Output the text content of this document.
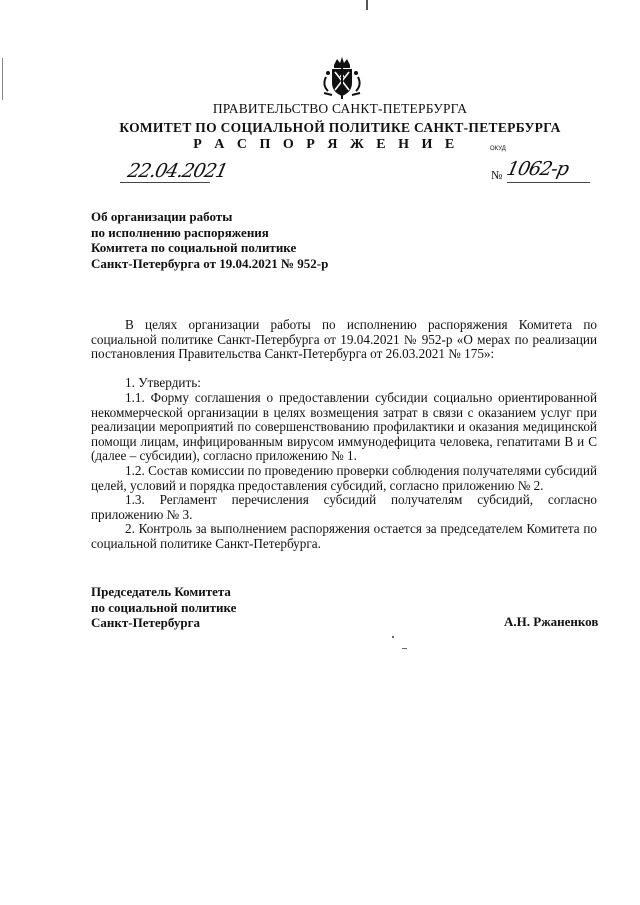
ПРАВИТЕЛЬСТВО САНКТ-ПЕТЕРБУРГА
КОМИТЕТ ПО СОЦИАЛЬНОЙ ПОЛИТИКЕ САНКТ-ПЕТЕРБУРГА
Р А С П О Р Я Ж Е Н И Е	ОКУД
22.04.2021	№ 1062-р
Об организации работы
по исполнению распоряжения
Комитета по социальной политике
Санкт-Петербурга от 19.04.2021 № 952-р
В целях организации работы по исполнению распоряжения Комитета по социальной политике Санкт-Петербурга от 19.04.2021 № 952-р «О мерах по реализации постановления Правительства Санкт-Петербурга от 26.03.2021 № 175»:
1. Утвердить:
1.1. Форму соглашения о предоставлении субсидии социально ориентированной некоммерческой организации в целях возмещения затрат в связи с оказанием услуг при реализации мероприятий по совершенствованию профилактики и оказания медицинской помощи лицам, инфицированным вирусом иммунодефицита человека, гепатитами В и С (далее – субсидии), согласно приложению № 1.
1.2. Состав комиссии по проведению проверки соблюдения получателями субсидий целей, условий и порядка предоставления субсидий, согласно приложению № 2.
1.3. Регламент перечисления субсидий получателям субсидий, согласно приложению № 3.
2. Контроль за выполнением распоряжения остается за председателем Комитета по социальной политике Санкт-Петербурга.
Председатель Комитета
по социальной политике
Санкт-Петербурга	А.Н. Ржаненков
